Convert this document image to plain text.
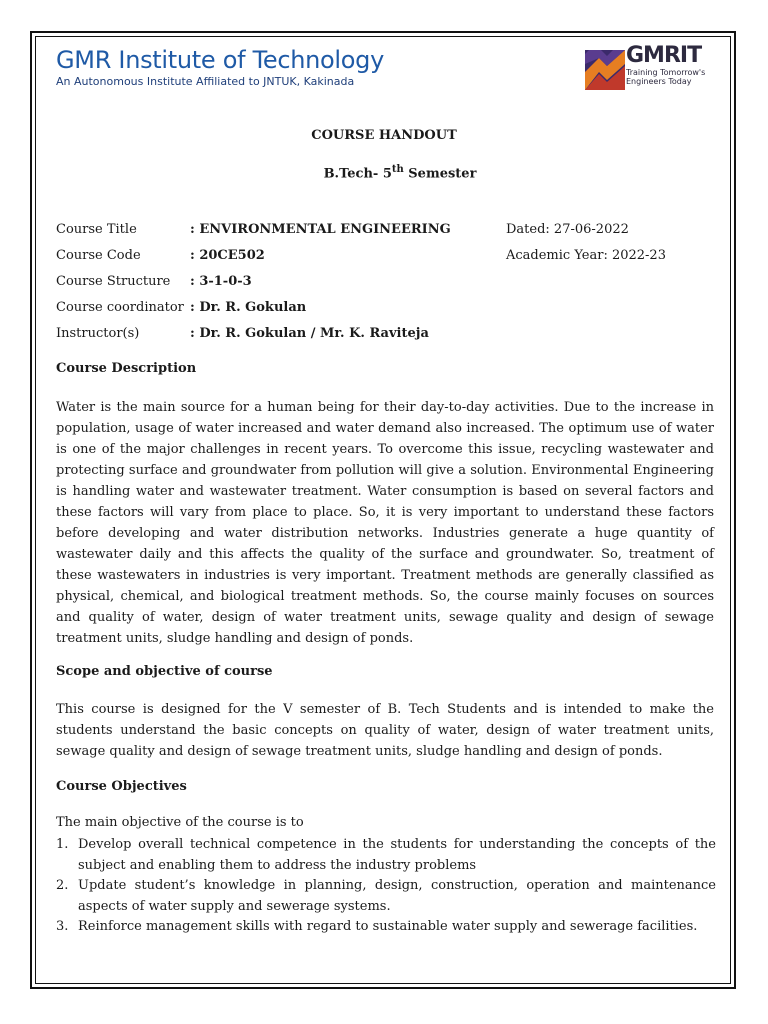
GMR Institute of Technology
An Autonomous Institute Affiliated to JNTUK, Kakinada
GMRIT
Training Tomorrow's
Engineers Today
COURSE HANDOUT
B.Tech- 5th Semester
Course Title	: ENVIRONMENTAL ENGINEERING	Dated: 27-06-2022
Course Code	: 20CE502	Academic Year: 2022-23
Course Structure : 3-1-0-3
Course coordinator : Dr. R. Gokulan
Instructor(s)	: Dr. R. Gokulan / Mr. K. Raviteja
Course Description

Water is the main source for a human being for their day-to-day activities. Due to the increase in population, usage of water increased and water demand also increased. The optimum use of water is one of the major challenges in recent years. To overcome this issue, recycling wastewater and protecting surface and groundwater from pollution will give a solution. Environmental Engineering is handling water and wastewater treatment. Water consumption is based on several factors and these factors will vary from place to place. So, it is very important to understand these factors before developing and water distribution networks. Industries generate a huge quantity of wastewater daily and this affects the quality of the surface and groundwater. So, treatment of these wastewaters in industries is very important. Treatment methods are generally classified as physical, chemical, and biological treatment methods. So, the course mainly focuses on sources and quality of water, design of water treatment units, sewage quality and design of sewage treatment units, sludge handling and design of ponds.

Scope and objective of course

This course is designed for the V semester of B. Tech Students and is intended to make the students understand the basic concepts on quality of water, design of water treatment units, sewage quality and design of sewage treatment units, sludge handling and design of ponds.

Course Objectives
The main objective of the course is to
1. Develop overall technical competence in the students for understanding the concepts of the subject and enabling them to address the industry problems
2. Update student’s knowledge in planning, design, construction, operation and maintenance aspects of water supply and sewerage systems.
3. Reinforce management skills with regard to sustainable water supply and sewerage facilities.
